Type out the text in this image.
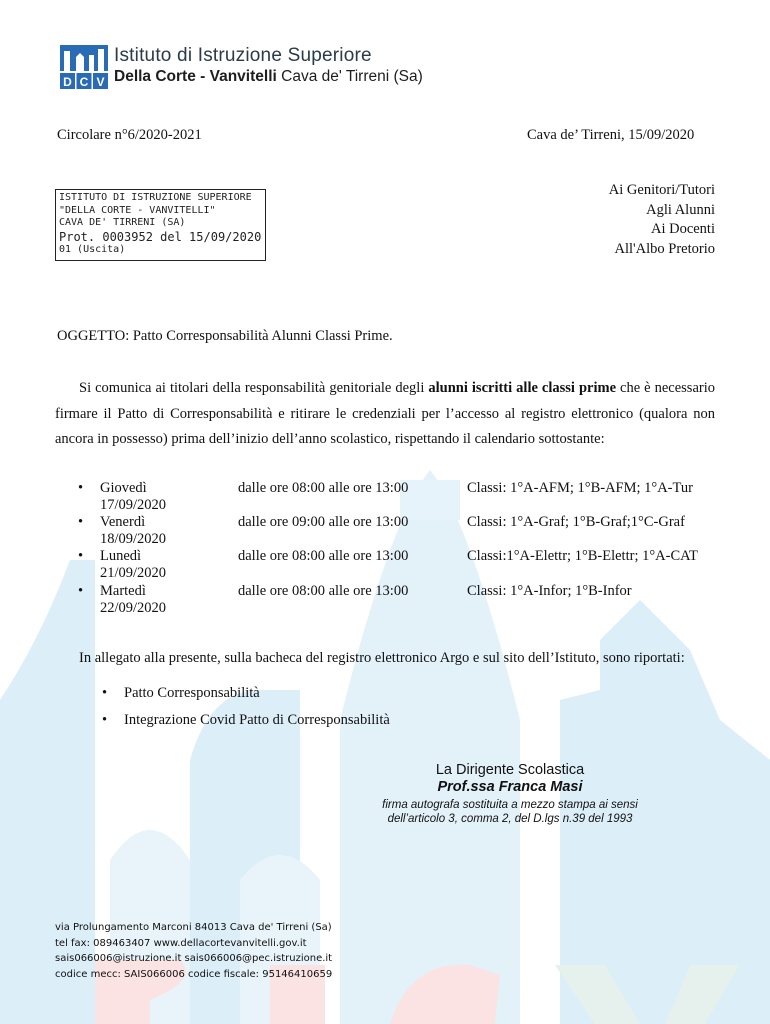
D C V
Istituto di Istruzione Superiore
Della Corte - Vanvitelli Cava de' Tirreni (Sa)
Circolare n°6/2020-2021	Cava de’ Tirreni, 15/09/2020
ISTITUTO DI ISTRUZIONE SUPERIORE
"DELLA CORTE - VANVITELLI"
CAVA DE' TIRRENI (SA)
Prot. 0003952 del 15/09/2020
01 (Uscita)
Ai Genitori/Tutori
Agli Alunni
Ai Docenti
All'Albo Pretorio
OGGETTO: Patto Corresponsabilità Alunni Classi Prime.
Si comunica ai titolari della responsabilità genitoriale degli alunni iscritti alle classi prime che è necessario firmare il Patto di Corresponsabilità e ritirare le credenziali per l’accesso al registro elettronico (qualora non ancora in possesso) prima dell’inizio dell’anno scolastico, rispettando il calendario sottostante:
• Giovedì 17/09/2020
dalle ore 08:00 alle ore 13:00	Classi: 1°A-AFM; 1°B-AFM; 1°A-Tur
• Venerdì 18/09/2020
dalle ore 09:00 alle ore 13:00	Classi: 1°A-Graf; 1°B-Graf;1°C-Graf
• Lunedì 21/09/2020
dalle ore 08:00 alle ore 13:00	Classi:1°A-Elettr; 1°B-Elettr; 1°A-CAT
• Martedì 22/09/2020
dalle ore 08:00 alle ore 13:00	Classi: 1°A-Infor; 1°B-Infor
In allegato alla presente, sulla bacheca del registro elettronico Argo e sul sito dell’Istituto, sono riportati:
• Patto Corresponsabilità
• Integrazione Covid Patto di Corresponsabilità
La Dirigente Scolastica
Prof.ssa Franca Masi
firma autografa sostituita a mezzo stampa ai sensi
dell’articolo 3, comma 2, del D.lgs n.39 del 1993
via Prolungamento Marconi 84013 Cava de' Tirreni (Sa)
tel fax: 089463407 www.dellacortevanvitelli.gov.it
sais066006@istruzione.it sais066006@pec.istruzione.it
codice mecc: SAIS066006 codice fiscale: 95146410659
